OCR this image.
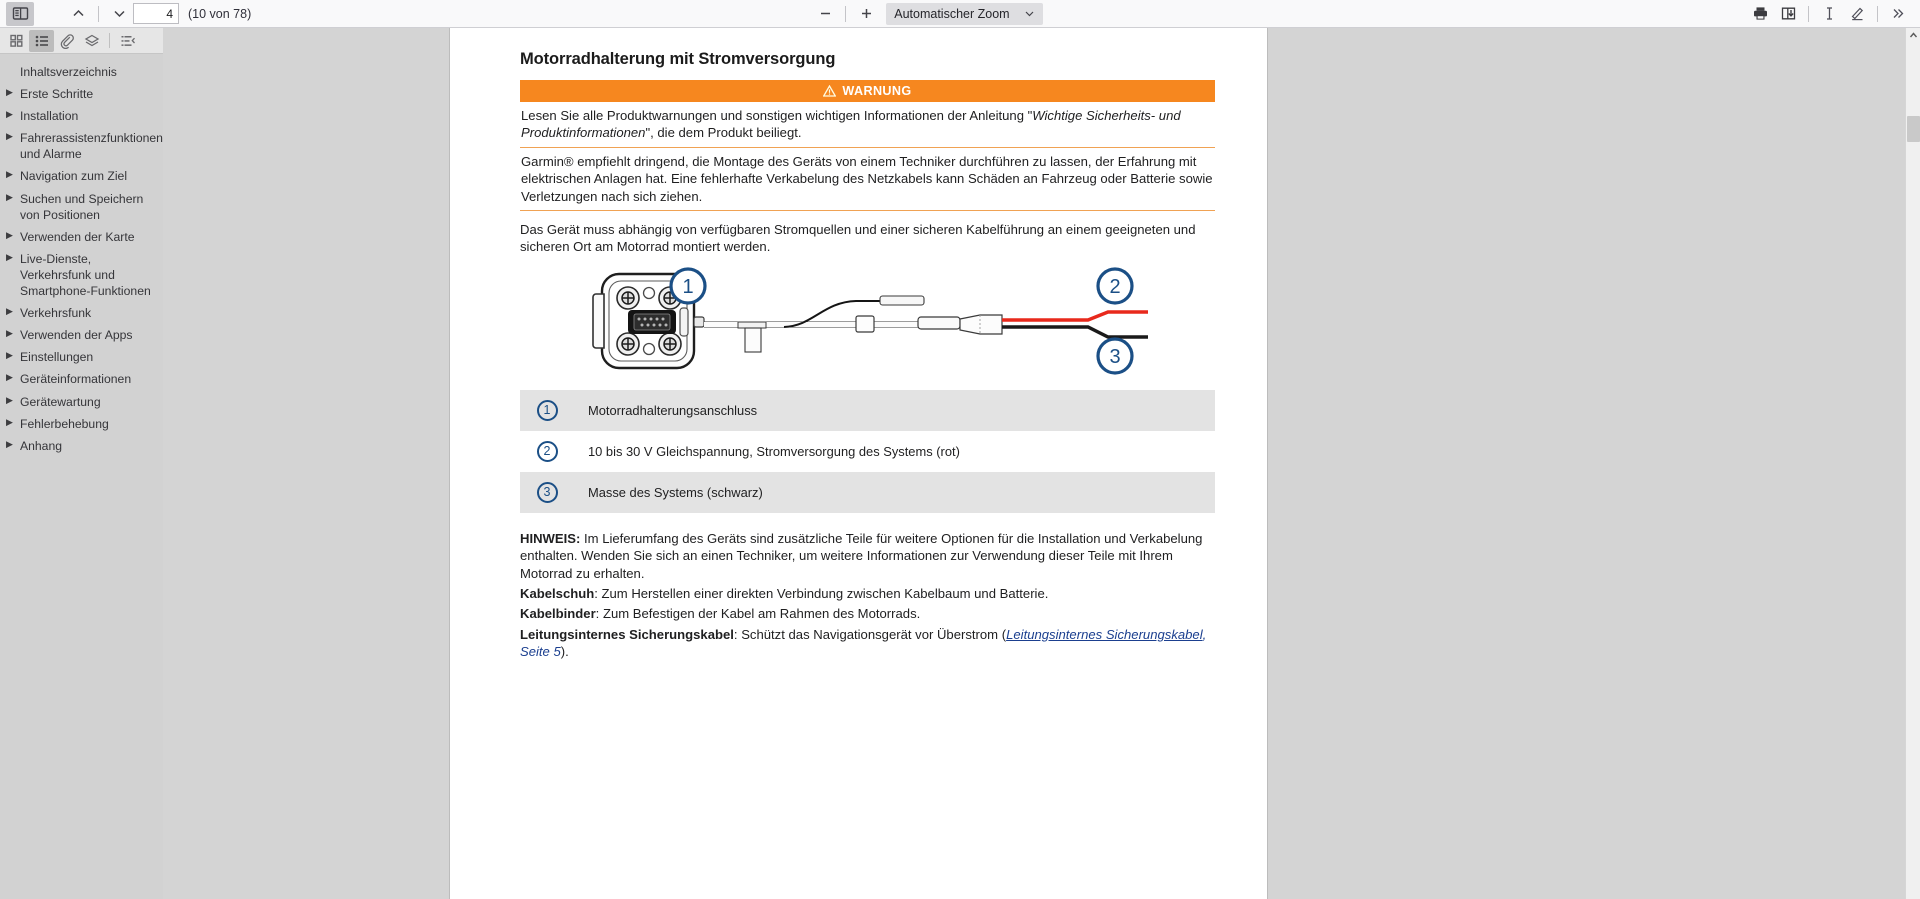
4
(10 von 78)	Automatischer Zoom
Inhaltsverzeichnis
▶ Erste Schritte
▶ Installation
▶ Fahrerassistenzfunktionen und Alarme
▶ Navigation zum Ziel
▶ Suchen und Speichern von Positionen
▶ Verwenden der Karte
▶ Live-Dienste, Verkehrsfunk und Smartphone-Funktionen
▶ Verkehrsfunk
▶ Verwenden der Apps
▶ Einstellungen
▶ Geräteinformationen
▶ Gerätewartung
▶ Fehlerbehebung
▶ Anhang
Motorradhalterung mit Stromversorgung
WARNUNG
Lesen Sie alle Produktwarnungen und sonstigen wichtigen Informationen der Anleitung "Wichtige Sicherheits- und Produktinformationen", die dem Produkt beiliegt.
Garmin® empfiehlt dringend, die Montage des Geräts von einem Techniker durchführen zu lassen, der Erfahrung mit elektrischen Anlagen hat. Eine fehlerhafte Verkabelung des Netzkabels kann Schäden an Fahrzeug oder Batterie sowie Verletzungen nach sich ziehen.
Das Gerät muss abhängig von verfügbaren Stromquellen und einer sicheren Kabelführung an einem geeigneten und sicheren Ort am Motorrad montiert werden.
1	2
3
1	Motorradhalterungsanschluss
2	10 bis 30 V Gleichspannung, Stromversorgung des Systems (rot)
3	Masse des Systems (schwarz)
HINWEIS: Im Lieferumfang des Geräts sind zusätzliche Teile für weitere Optionen für die Installation und Verkabelung enthalten. Wenden Sie sich an einen Techniker, um weitere Informationen zur Verwendung dieser Teile mit Ihrem Motorrad zu erhalten.
Kabelschuh: Zum Herstellen einer direkten Verbindung zwischen Kabelbaum und Batterie.
Kabelbinder: Zum Befestigen der Kabel am Rahmen des Motorrads.
Leitungsinternes Sicherungskabel: Schützt das Navigationsgerät vor Überstrom (Leitungsinternes Sicherungskabel, Seite 5).
